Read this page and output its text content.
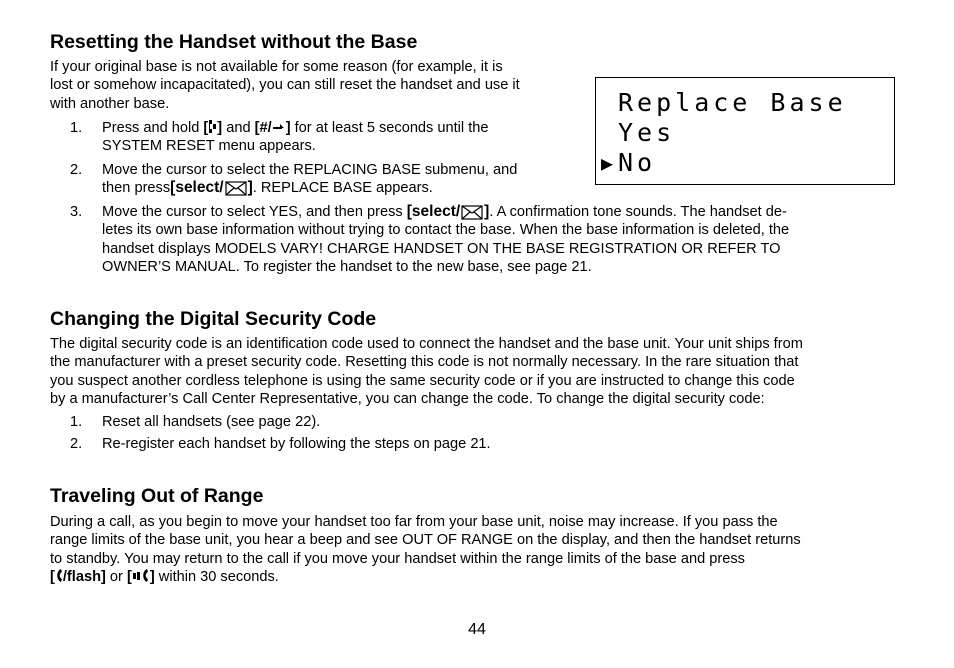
Resetting the Handset without the Base
If your original base is not available for some reason (for example, it is
lost or somehow incapacitated), you can still reset the handset and use it
with another base.
1. Press and hold [ ] and [#/ ] for at least 5 seconds until the
SYSTEM RESET menu appears.
2. Move the cursor to select the REPLACING BASE submenu, and
then press [select/ ] . REPLACE BASE appears.
Replace Base
Yes
▶ No
3. Move the cursor to select YES, and then press [select/ ] . A confirmation tone sounds. The handset de-
letes its own base information without trying to contact the base. When the base information is deleted, the
handset displays MODELS VARY! CHARGE HANDSET ON THE BASE REGISTRATION OR REFER TO
OWNER’S MANUAL. To register the handset to the new base, see page 21.
Changing the Digital Security Code
The digital security code is an identification code used to connect the handset and the base unit. Your unit ships from
the manufacturer with a preset security code. Resetting this code is not normally necessary. In the rare situation that
you suspect another cordless telephone is using the same security code or if you are instructed to change this code
by a manufacturer’s Call Center Representative, you can change the code. To change the digital security code:
1. Reset all handsets (see page 22).
2. Re-register each handset by following the steps on page 21.
Traveling Out of Range
During a call, as you begin to move your handset too far from your base unit, noise may increase. If you pass the
range limits of the base unit, you hear a beep and see OUT OF RANGE on the display, and then the handset returns
to standby. You may return to the call if you move your handset within the range limits of the base and press
[ /flash] or [ ] within 30 seconds.
44
